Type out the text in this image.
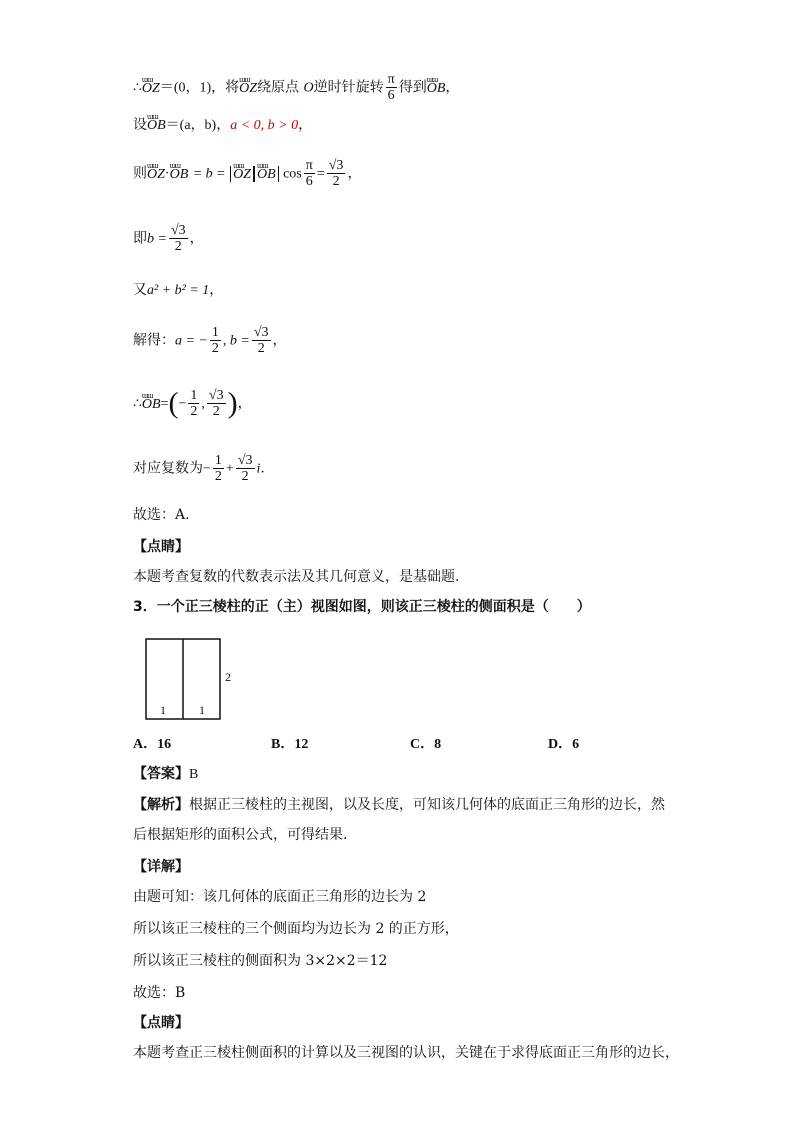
∴ɯɯ OZ＝(0，1)，将ɯɯ OZ绕原点 O逆时针旋转 $\frac{\pi}{6}$ 得到ɯɯ OB，
设ɯɯ OB＝(a，b)，a < 0, b > 0，
则ɯɯ OZ·ɯɯ OB = b = ɯɯ OZ ɯɯ OB $\cos \frac{\pi}{6} = \frac{√3}{2}$ ，
即$b = \frac{√3}{2}$ ，
又a² + b² = 1，
解得：a = − $\frac{1}{2}$ , $b = \frac{√3}{2}$ ，
∴ɯɯ $OB=(- \frac{1}{2}$ , $\frac{√3}{2}$ )，
对应复数为− $\frac{1}{2} + \frac{√3}{2} i$.
故选：A.
【点睛】
本题考查复数的代数表示法及其几何意义，是基础题.
3．一个正三棱柱的正（主）视图如图，则该正三棱柱的侧面积是（　　）
2
1	1
A．16	B．12	C．8	D．6
【答案】B
【解析】根据正三棱柱的主视图，以及长度，可知该几何体的底面正三角形的边长，然
后根据矩形的面积公式，可得结果.
【详解】
由题可知：该几何体的底面正三角形的边长为 2
所以该正三棱柱的三个侧面均为边长为 2 的正方形，
所以该正三棱柱的侧面积为 3×2×2＝12
故选：B
【点睛】
本题考查正三棱柱侧面积的计算以及三视图的认识，关键在于求得底面正三角形的边长，
